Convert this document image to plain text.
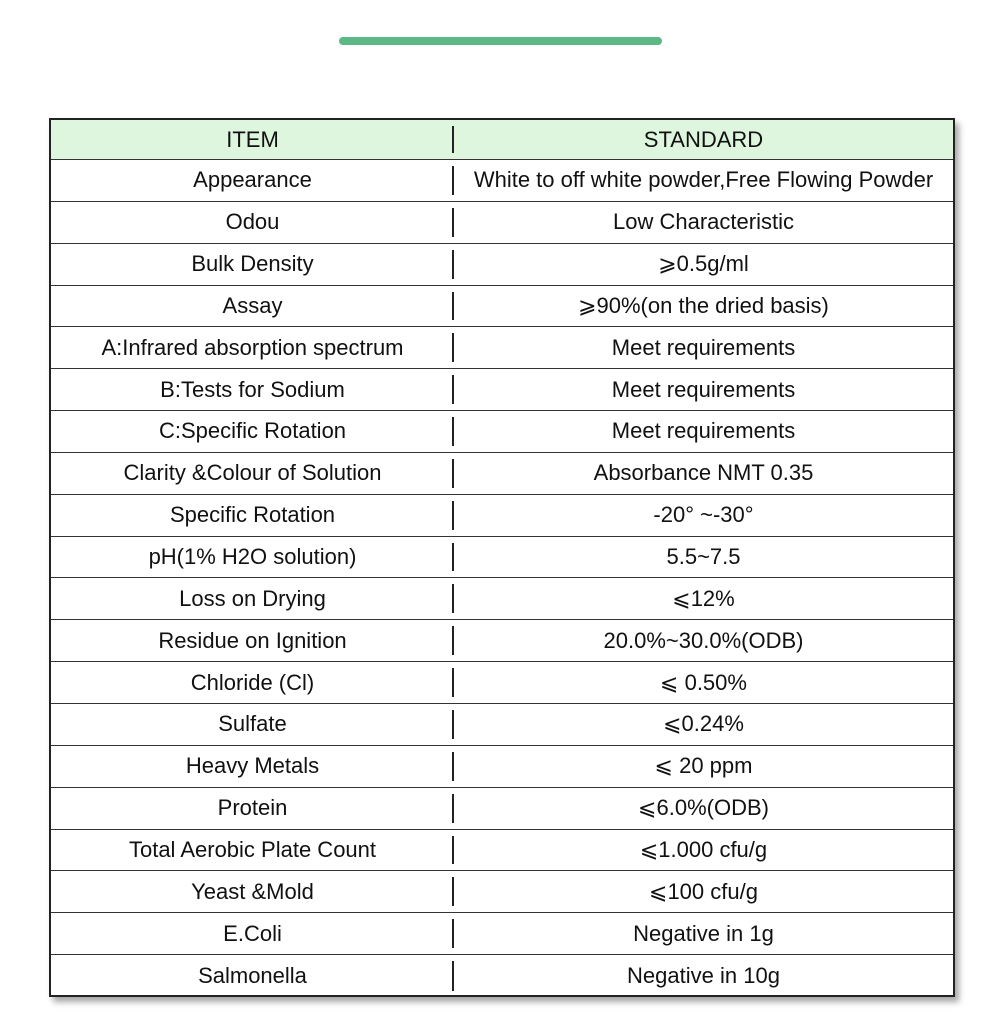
ITEM	STANDARD
Appearance	White to off white powder,Free Flowing Powder
Odou	Low Characteristic
Bulk Density	⩾0.5g/ml
Assay	⩾90%(on the dried basis)
A:Infrared absorption spectrum	Meet requirements
B:Tests for Sodium	Meet requirements
C:Specific Rotation	Meet requirements
Clarity &Colour of Solution	Absorbance NMT 0.35
Specific Rotation	-20° ~-30°
pH(1% H2O solution)	5.5~7.5
Loss on Drying	⩽12%
Residue on Ignition	20.0%~30.0%(ODB)
Chloride (Cl)	⩽ 0.50%
Sulfate	⩽0.24%
Heavy Metals	⩽ 20 ppm
Protein	⩽6.0%(ODB)
Total Aerobic Plate Count	⩽1.000 cfu/g
Yeast &Mold	⩽100 cfu/g
E.Coli	Negative in 1g
Salmonella	Negative in 10g
